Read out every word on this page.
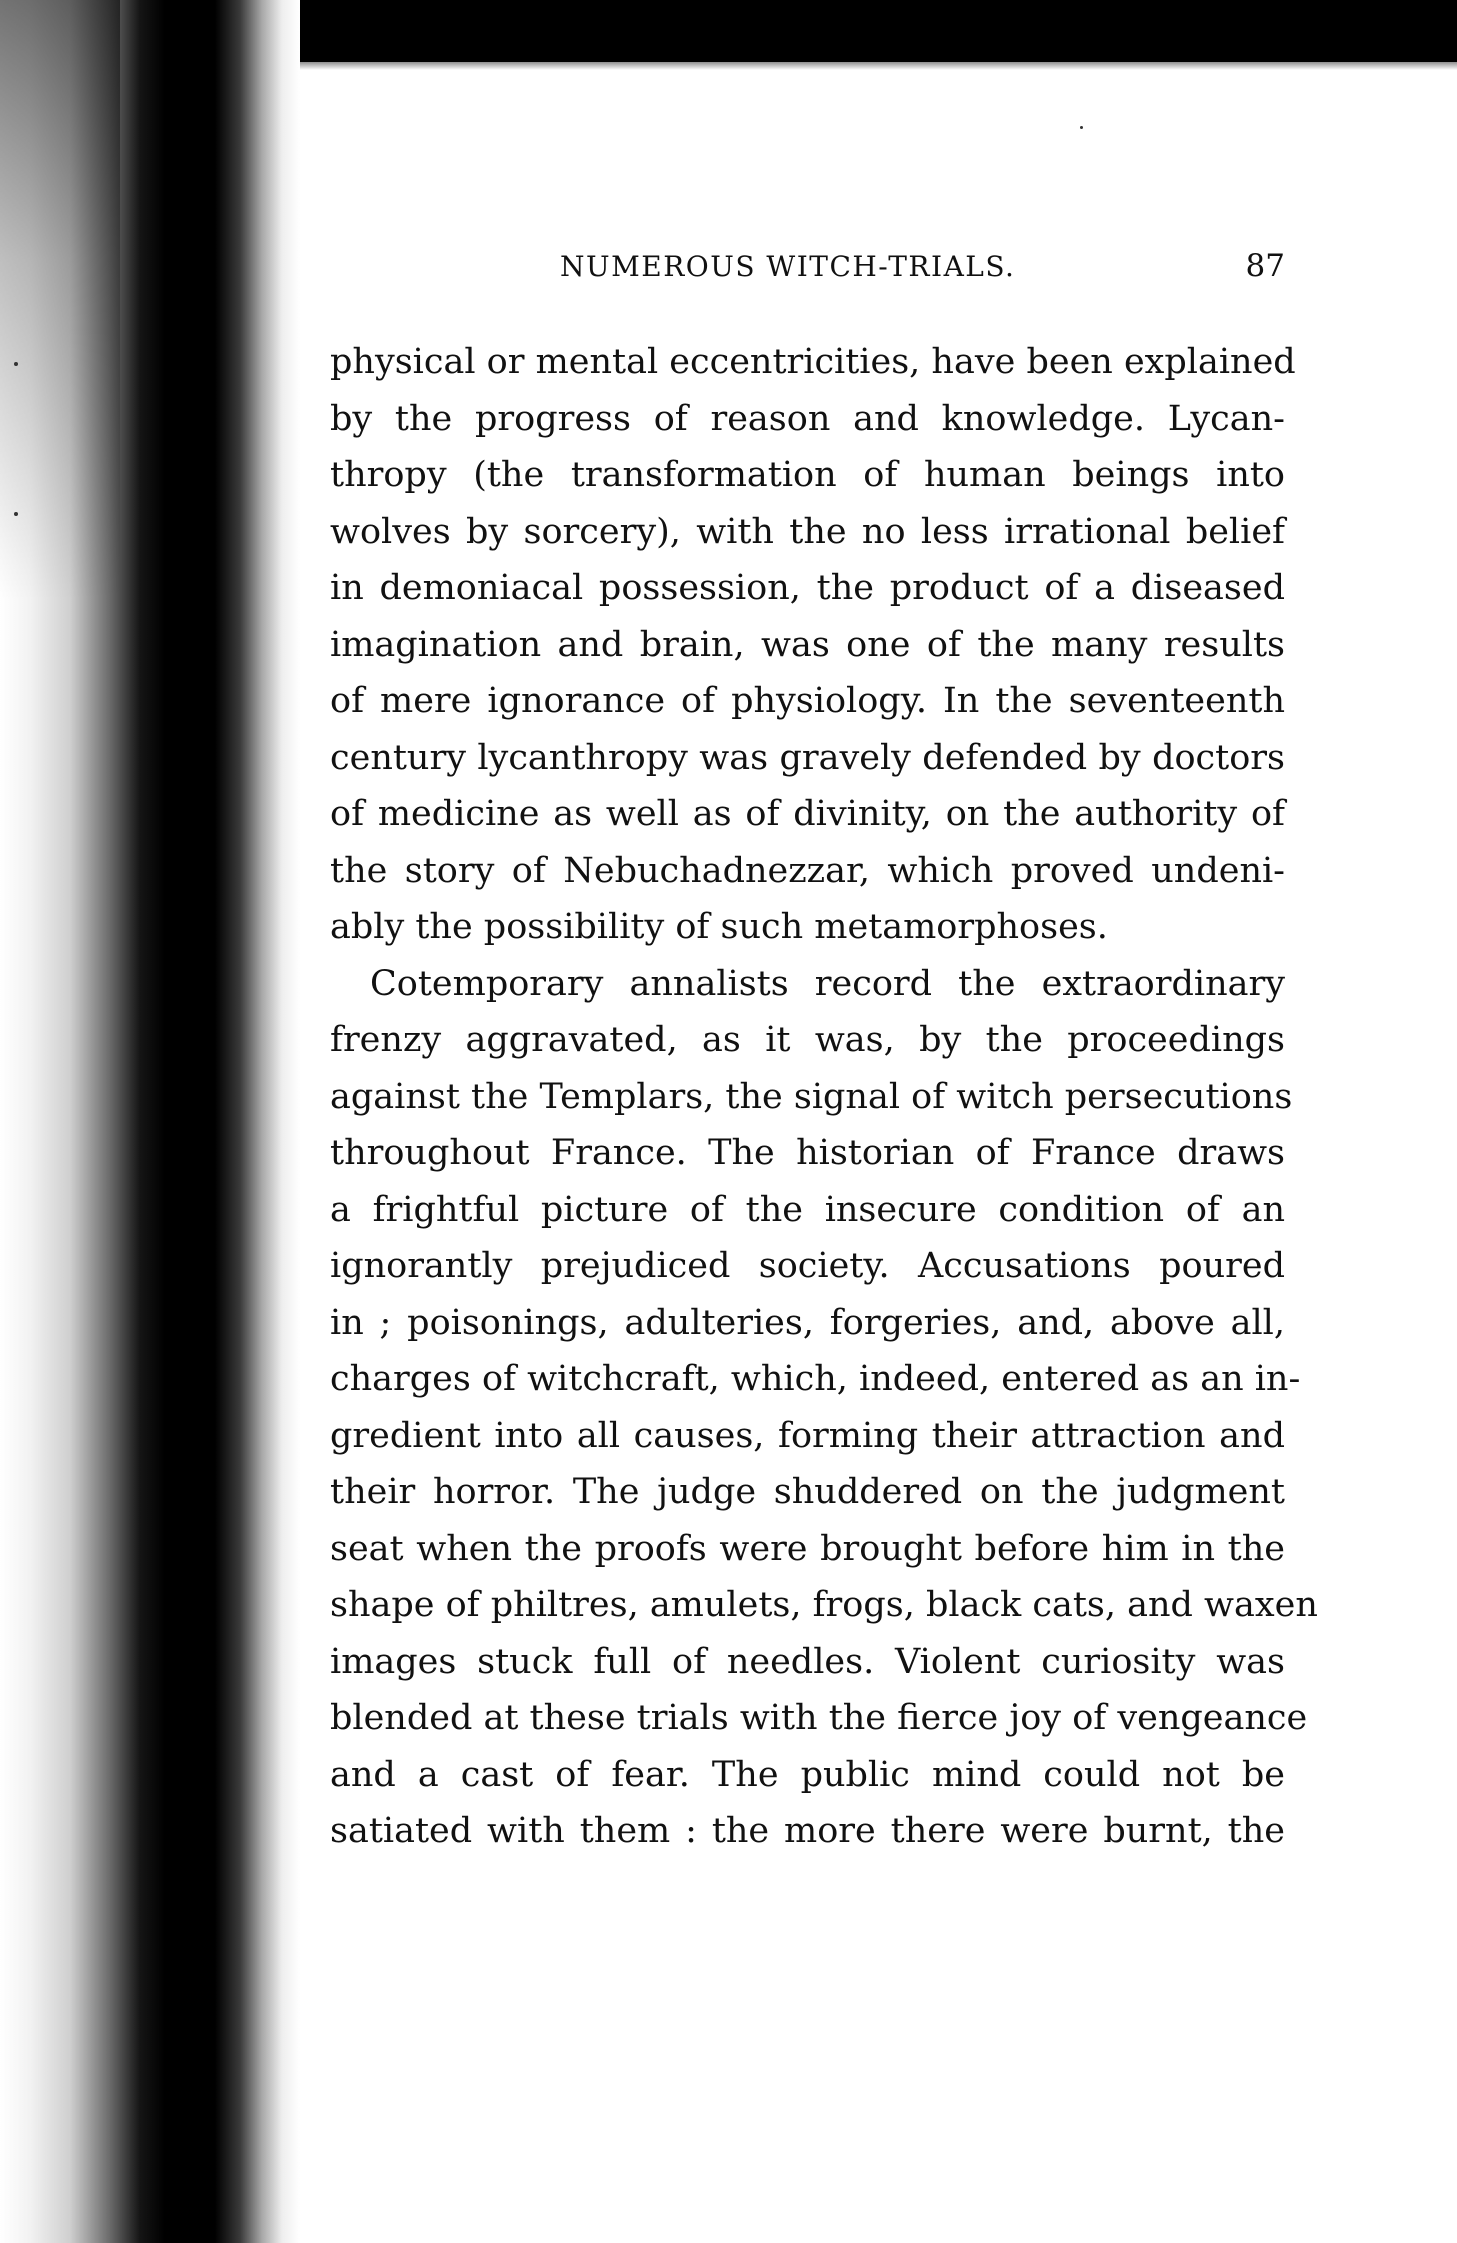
NUMEROUS WITCH-TRIALS.	87
physical or mental eccentricities, have been explained
by the progress of reason and knowledge. Lycan-
thropy (the transformation of human beings into
wolves by sorcery), with the no less irrational belief
in demoniacal possession, the product of a diseased
imagination and brain, was one of the many results
of mere ignorance of physiology. In the seventeenth
century lycanthropy was gravely defended by doctors
of medicine as well as of divinity, on the authority of
the story of Nebuchadnezzar, which proved undeni-
ably the possibility of such metamorphoses.
Cotemporary annalists record the extraordinary
frenzy aggravated, as it was, by the proceedings
against the Templars, the signal of witch persecutions
throughout France. The historian of France draws
a frightful picture of the insecure condition of an
ignorantly prejudiced society. Accusations poured
in ; poisonings, adulteries, forgeries, and, above all,
charges of witchcraft, which, indeed, entered as an in-
gredient into all causes, forming their attraction and
their horror. The judge shuddered on the judgment
seat when the proofs were brought before him in the
shape of philtres, amulets, frogs, black cats, and waxen
images stuck full of needles. Violent curiosity was
blended at these trials with the fierce joy of vengeance
and a cast of fear. The public mind could not be
satiated with them : the more there were burnt, the
